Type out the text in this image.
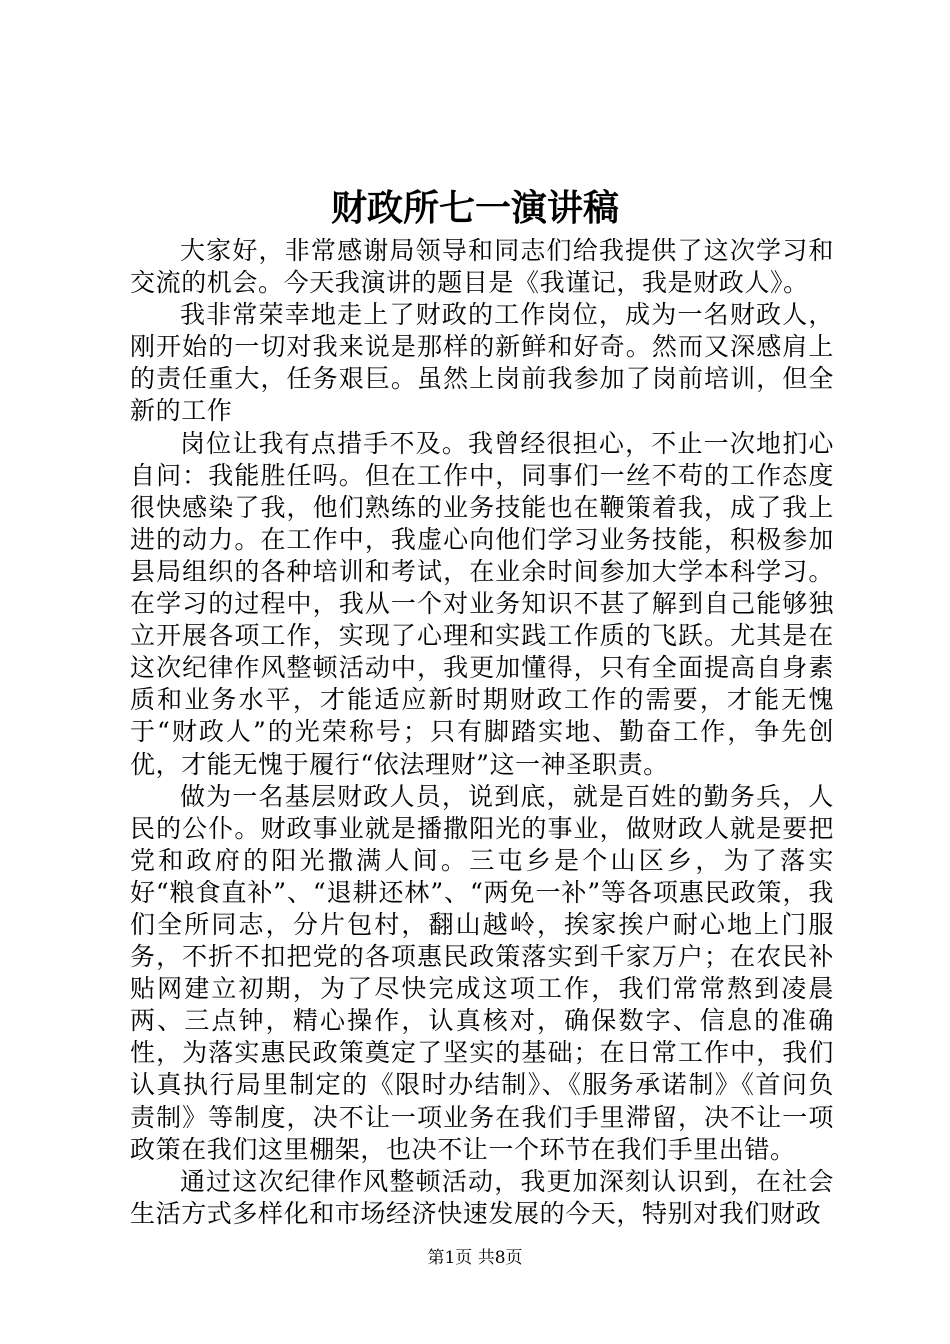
财政所七一演讲稿

大家好，非常感谢局领导和同志们给我提供了这次学习和交流的机会。今天我演讲的题目是《我谨记，我是财政人》。

我非常荣幸地走上了财政的工作岗位，成为一名财政人，刚开始的一切对我来说是那样的新鲜和好奇。然而又深感肩上的责任重大，任务艰巨。虽然上岗前我参加了岗前培训，但全新的工作

岗位让我有点措手不及。我曾经很担心，不止一次地扪心自问：我能胜任吗。但在工作中，同事们一丝不苟的工作态度很快感染了我，他们熟练的业务技能也在鞭策着我，成了我上进的动力。在工作中，我虚心向他们学习业务技能，积极参加县局组织的各种培训和考试，在业余时间参加大学本科学习。在学习的过程中，我从一个对业务知识不甚了解到自己能够独立开展各项工作，实现了心理和实践工作质的飞跃。尤其是在这次纪律作风整顿活动中，我更加懂得，只有全面提高自身素质和业务水平，才能适应新时期财政工作的需要，才能无愧于“财政人”的光荣称号；只有脚踏实地、勤奋工作，争先创优，才能无愧于履行“依法理财”这一神圣职责。

做为一名基层财政人员，说到底，就是百姓的勤务兵，人民的公仆。财政事业就是播撒阳光的事业，做财政人就是要把党和政府的阳光撒满人间。三屯乡是个山区乡，为了落实好“粮食直补”、“退耕还林”、“两免一补”等各项惠民政策，我们全所同志，分片包村，翻山越岭，挨家挨户耐心地上门服务，不折不扣把党的各项惠民政策落实到千家万户；在农民补贴网建立初期，为了尽快完成这项工作，我们常常熬到凌晨两、三点钟，精心操作，认真核对，确保数字、信息的准确性，为落实惠民政策奠定了坚实的基础；在日常工作中，我们认真执行局里制定的《限时办结制》、《服务承诺制》《首问负责制》等制度，决不让一项业务在我们手里滞留，决不让一项政策在我们这里棚架，也决不让一个环节在我们手里出错。

通过这次纪律作风整顿活动，我更加深刻认识到，在社会生活方式多样化和市场经济快速发展的今天，特别对我们财政

第1页 共8页
